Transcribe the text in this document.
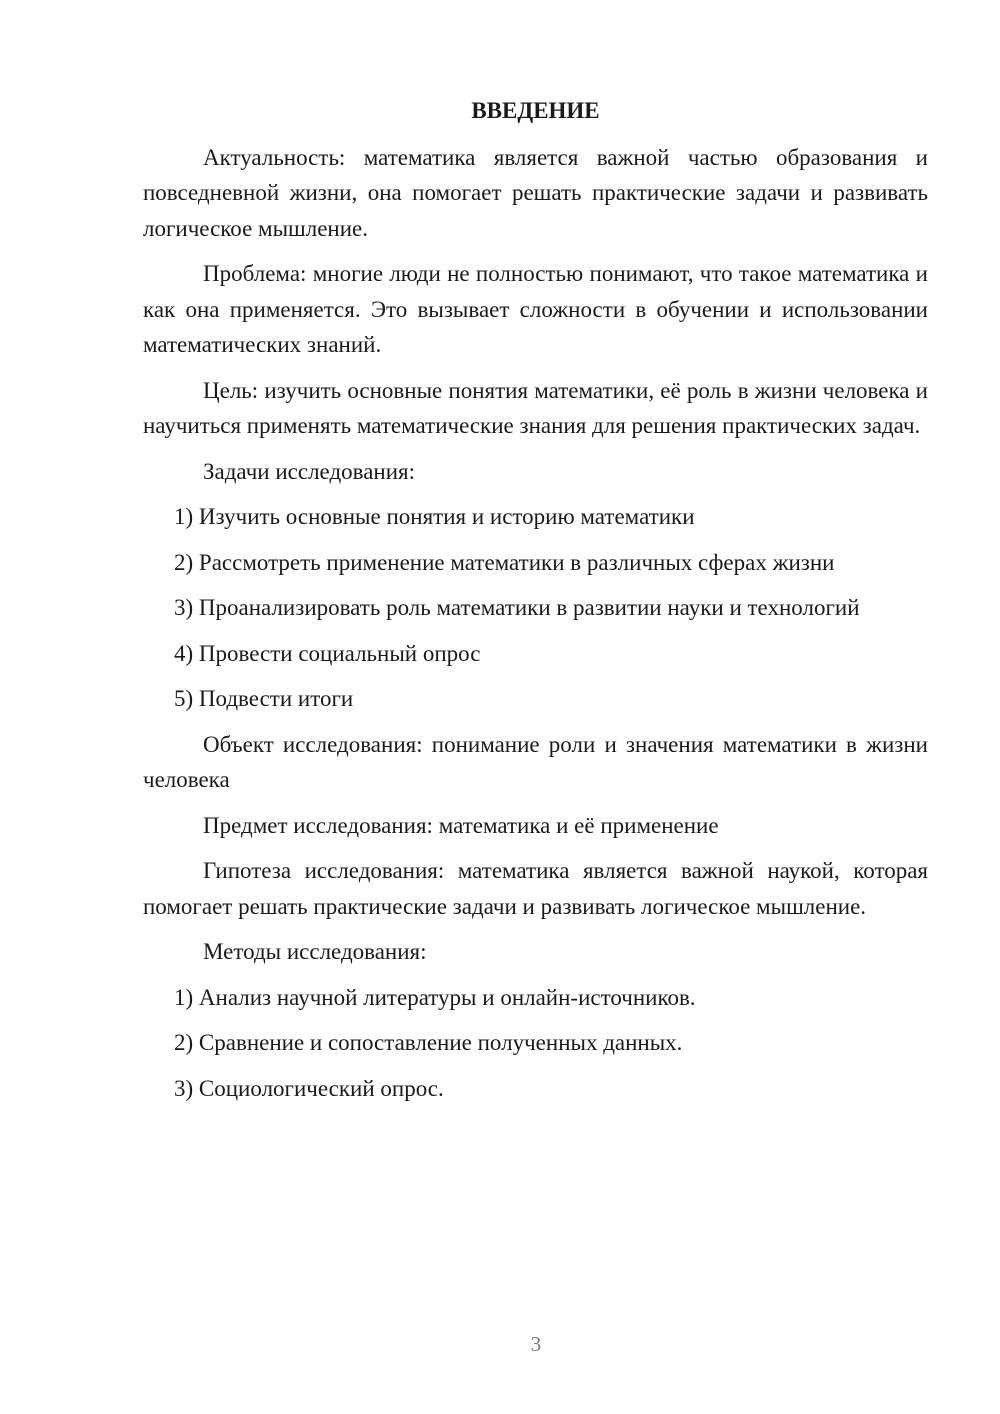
ВВЕДЕНИЕ

Актуальность: математика является важной частью образования и повседневной жизни, она помогает решать практические задачи и развивать логическое мышление.

Проблема: многие люди не полностью понимают, что такое математика и как она применяется. Это вызывает сложности в обучении и использовании математических знаний.

Цель: изучить основные понятия математики, её роль в жизни человека и научиться применять математические знания для решения практических задач.

Задачи исследования:

1) Изучить основные понятия и историю математики

2) Рассмотреть применение математики в различных сферах жизни

3) Проанализировать роль математики в развитии науки и технологий

4) Провести социальный опрос

5) Подвести итоги

Объект исследования: понимание роли и значения математики в жизни человека

Предмет исследования: математика и её применение

Гипотеза исследования: математика является важной наукой, которая помогает решать практические задачи и развивать логическое мышление.

Методы исследования:

1) Анализ научной литературы и онлайн-источников.

2) Сравнение и сопоставление полученных данных.

3) Социологический опрос.

3
